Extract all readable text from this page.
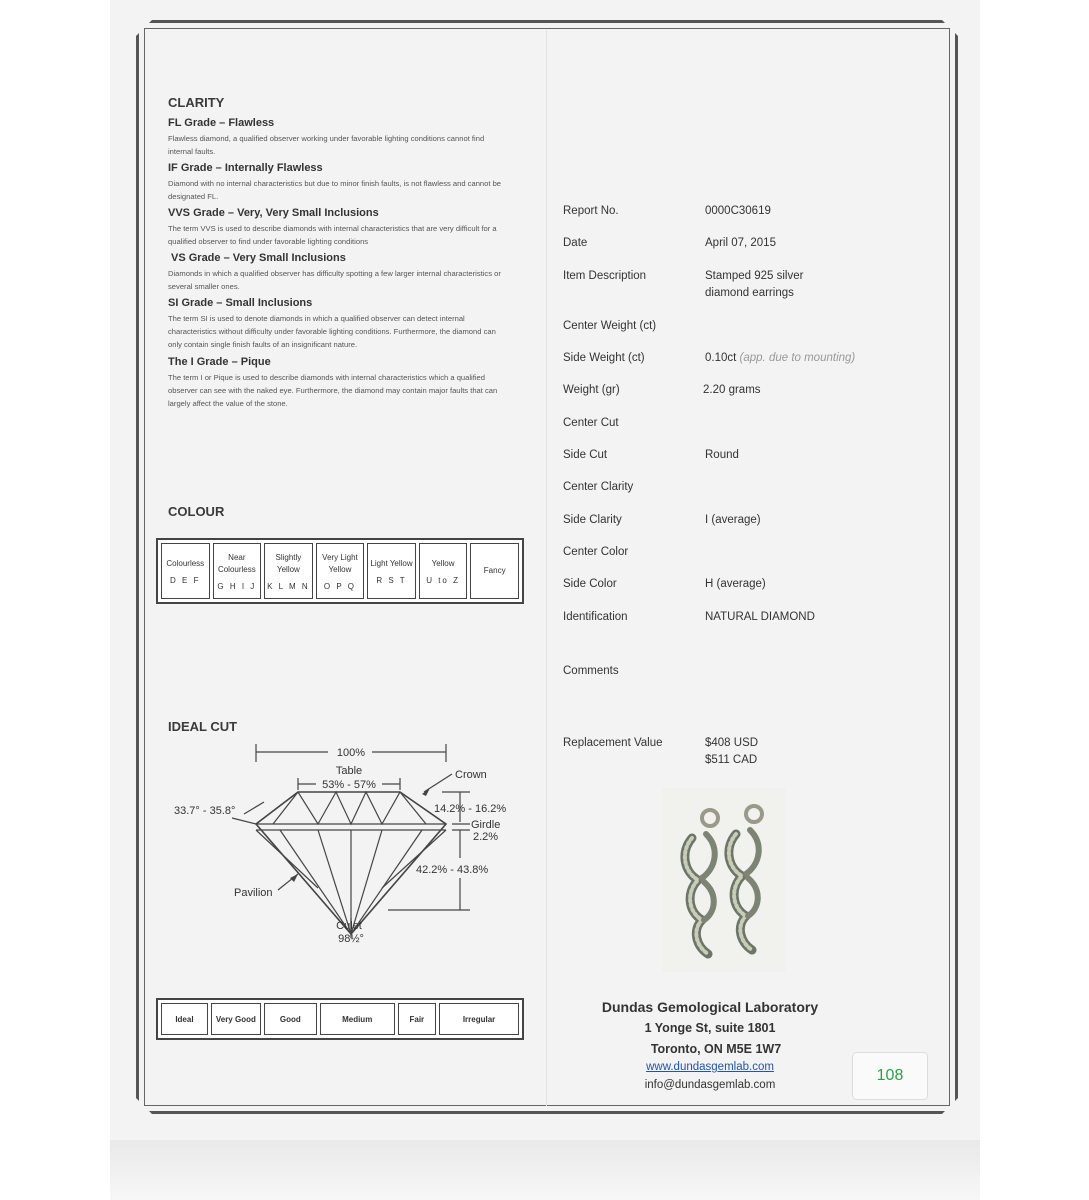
CLARITY
FL Grade – Flawless
Flawless diamond, a qualified observer working under favorable lighting conditions cannot find internal faults.
IF Grade – Internally Flawless
Diamond with no internal characteristics but due to minor finish faults, is not flawless and cannot be designated FL.
VVS Grade – Very, Very Small Inclusions
The term VVS is used to describe diamonds with internal characteristics that are very difficult for a qualified observer to find under favorable lighting conditions
VS Grade – Very Small Inclusions
Diamonds in which a qualified observer has difficulty spotting a few larger internal characteristics or several smaller ones.
SI Grade – Small Inclusions
The term SI is used to denote diamonds in which a qualified observer can detect internal characteristics without difficulty under favorable lighting conditions. Furthermore, the diamond can only contain single finish faults of an insignificant nature.
The I Grade – Pique
The term I or Pique is used to describe diamonds with internal characteristics which a qualified observer can see with the naked eye. Furthermore, the diamond may contain major faults that can largely affect the value of the stone.
COLOUR
Colourless
D E F

Near Colourless
G H I J

Slightly Yellow
K L M N

Very Light Yellow
O P Q

Light Yellow
R S T

Yellow
U to Z

Fancy
IDEAL CUT
100%
Table
53% - 57%
Crown
33.7° - 35.8°	14.2% - 16.2%
Girdle
2.2%
42.2% - 43.8%
Pavilion
Culet
98½°
Ideal	Very Good	Good	Medium	Fair	Irregular
Report No.	0000C30619
Date	April 07, 2015
Item Description	Stamped 925 silver
diamond earrings
Center Weight (ct)
Side Weight (ct)	0.10ct (app. due to mounting)
Weight (gr)	2.20 grams
Center Cut
Side Cut	Round
Center Clarity
Side Clarity	I (average)
Center Color
Side Color	H (average)
Identification	NATURAL DIAMOND
Comments
Replacement Value	$408 USD
$511 CAD
Dundas Gemological Laboratory
1 Yonge St, suite 1801
Toronto, ON M5E 1W7
www.dundasgemlab.com
info@dundasgemlab.com
108
